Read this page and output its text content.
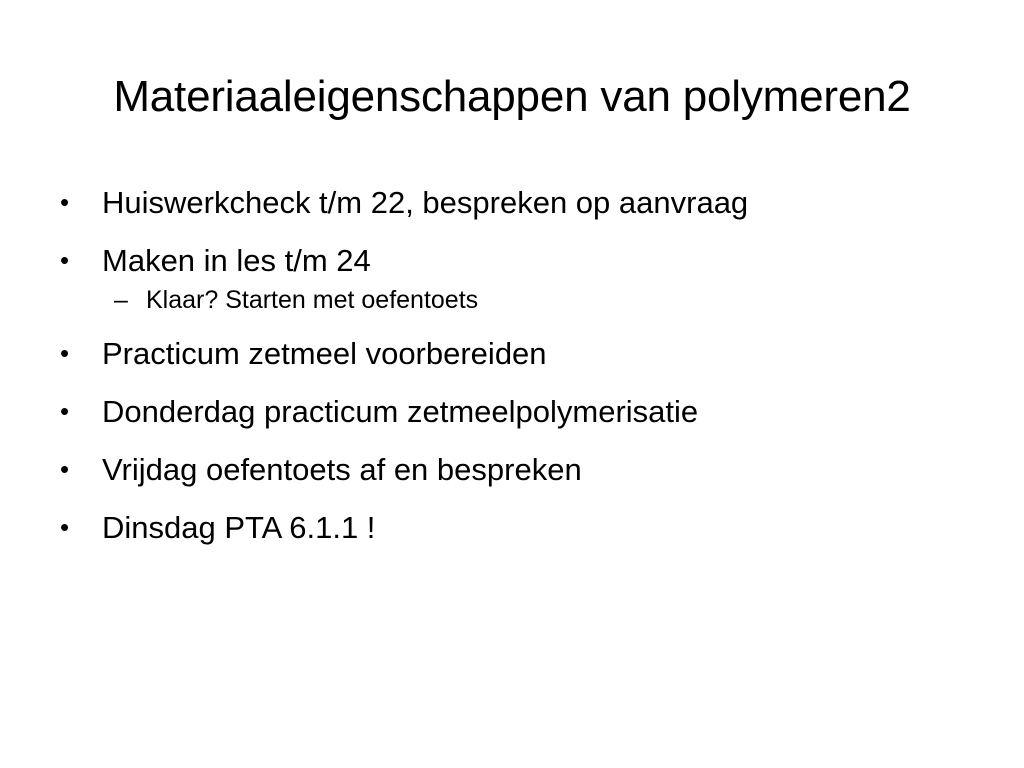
Materiaaleigenschappen van polymeren2
• Huiswerkcheck t/m 22, bespreken op aanvraag
• Maken in les t/m 24
– Klaar? Starten met oefentoets
• Practicum zetmeel voorbereiden
• Donderdag practicum zetmeelpolymerisatie
• Vrijdag oefentoets af en bespreken
• Dinsdag PTA 6.1.1 !
